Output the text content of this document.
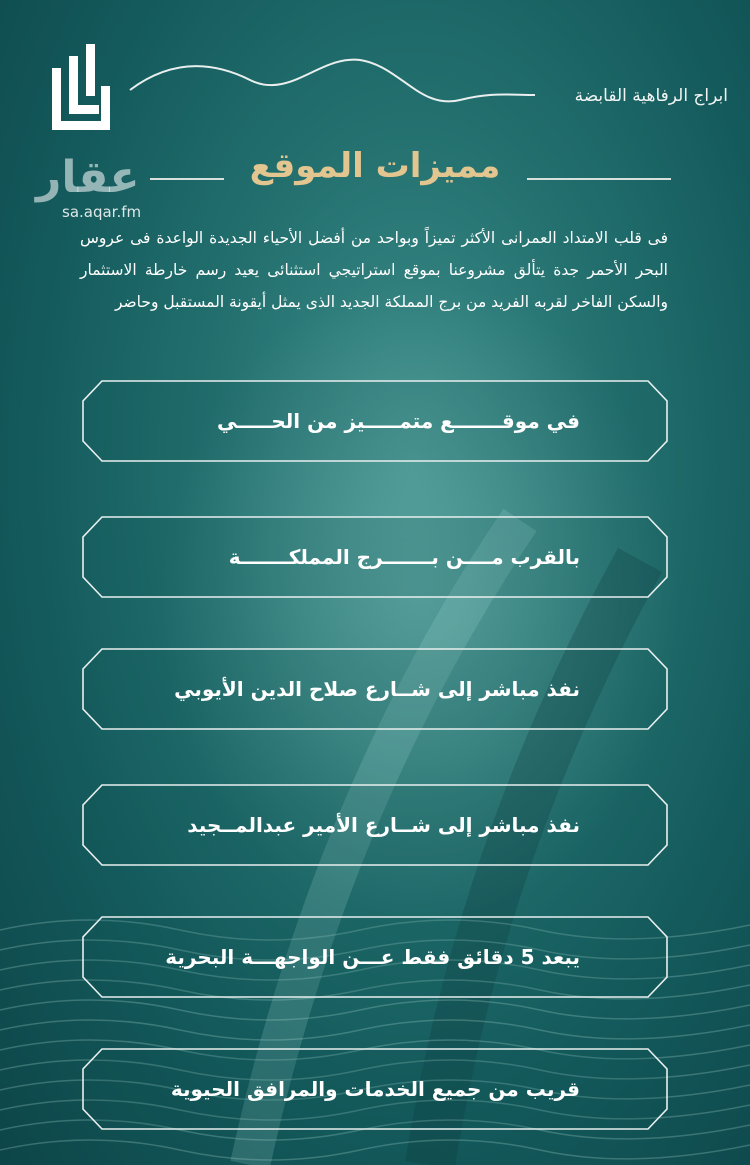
ابراج الرفاهية القابضة
عقار
sa.aqar.fm
مميزات الموقع
فى قلب الامتداد العمرانى الأكثر تميزاً وبواحد من أفضل الأحياء الجديدة الواعدة فى عروس البحر الأحمر جدة يتألق مشروعنا بموقع استراتيجي استثنائى يعيد رسم خارطة الاستثمار والسكن الفاخر لقربه الفريد من برج المملكة الجديد الذى يمثل أيقونة المستقبل وحاضر
في موقـــــــع متمـــــيز من الحـــــي
بالقرب مــــن بـــــــرج المملكـــــــة
نفذ مباشر إلى شــارع صلاح الدين الأيوبي
نفذ مباشر إلى شــارع الأمير عبدالمــجيد
يبعد 5 دقائق فقط عـــن الواجهـــة البحرية
قريب من جميع الخدمات والمرافق الحيوية
